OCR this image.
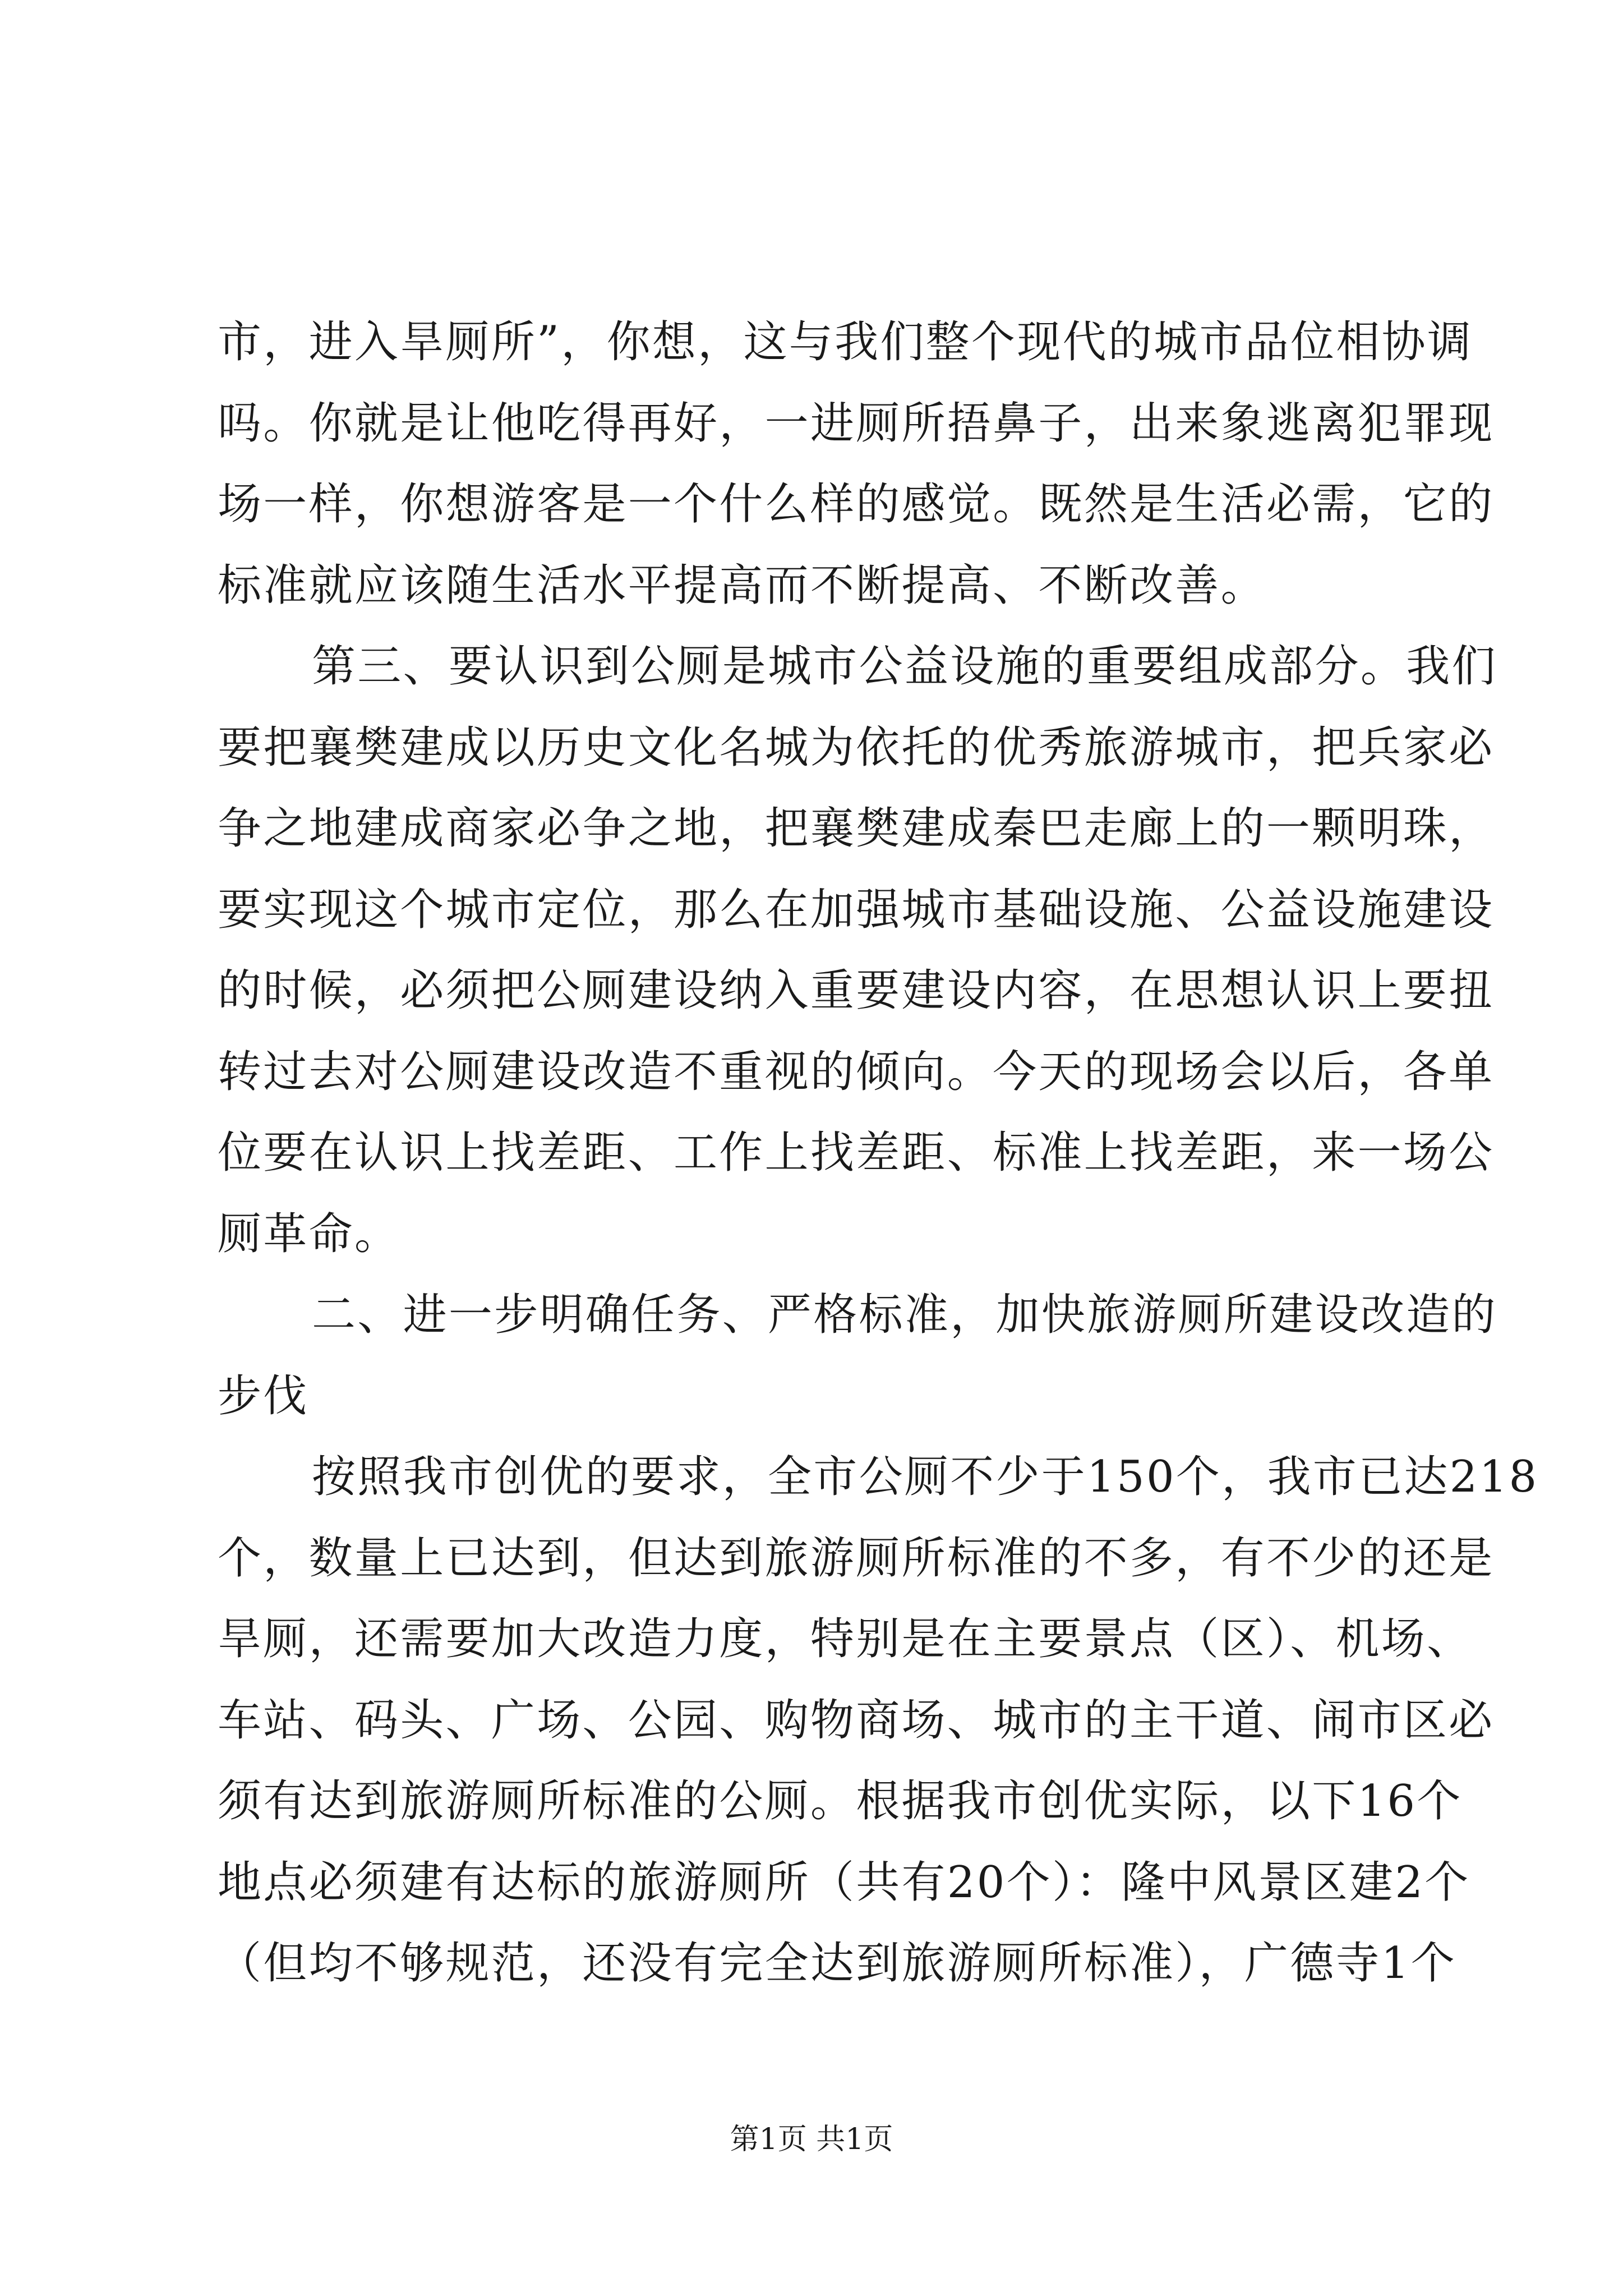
市，进入旱厕所”，你想，这与我们整个现代的城市品位相协调
吗。你就是让他吃得再好，一进厕所捂鼻子，出来象逃离犯罪现
场一样，你想游客是一个什么样的感觉。既然是生活必需，它的
标准就应该随生活水平提高而不断提高、不断改善。
第三、要认识到公厕是城市公益设施的重要组成部分。我们
要把襄樊建成以历史文化名城为依托的优秀旅游城市，把兵家必
争之地建成商家必争之地，把襄樊建成秦巴走廊上的一颗明珠，
要实现这个城市定位，那么在加强城市基础设施、公益设施建设
的时候，必须把公厕建设纳入重要建设内容，在思想认识上要扭
转过去对公厕建设改造不重视的倾向。今天的现场会以后，各单
位要在认识上找差距、工作上找差距、标准上找差距，来一场公
厕革命。
二、进一步明确任务、严格标准，加快旅游厕所建设改造的
步伐
按照我市创优的要求，全市公厕不少于150个，我市已达218
个，数量上已达到，但达到旅游厕所标准的不多，有不少的还是
旱厕，还需要加大改造力度，特别是在主要景点（区）、机场、
车站、码头、广场、公园、购物商场、城市的主干道、闹市区必
须有达到旅游厕所标准的公厕。根据我市创优实际，以下16个
地点必须建有达标的旅游厕所（共有20个）：隆中风景区建2个
（但均不够规范，还没有完全达到旅游厕所标准），广德寺1个
第1页 共1页
